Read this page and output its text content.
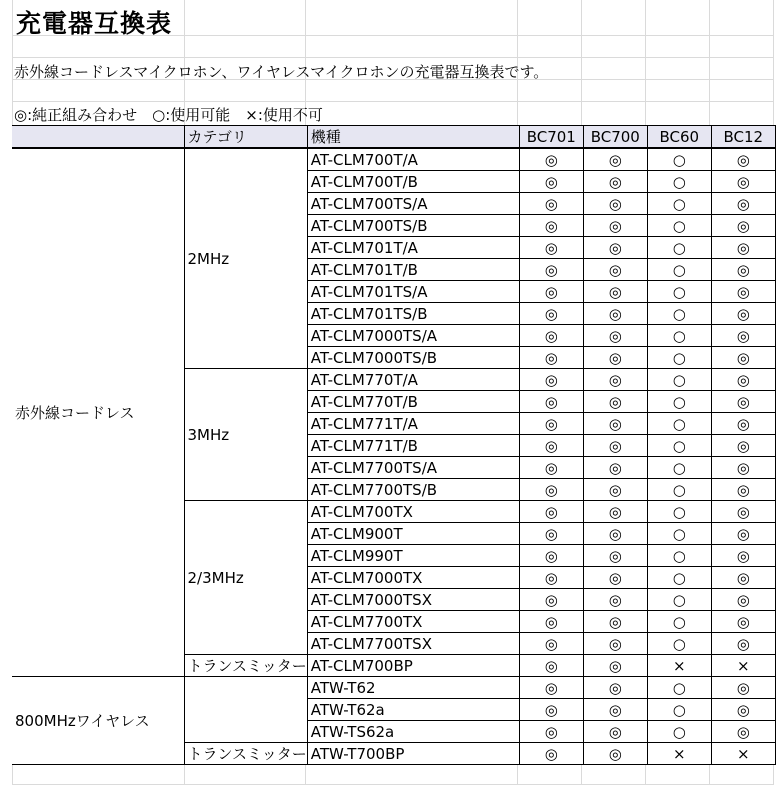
充電器互換表
赤外線コードレスマイクロホン、ワイヤレスマイクロホンの充電器互換表です。
◎:純正組み合わせ　○:使用可能　×:使用不可
	カテゴリ	機種	BC701	BC700	BC60	BC12
赤外線コードレス	2MHz	AT-CLM700T/A	◎	◎	○	◎
		AT-CLM700T/B	◎	◎	○	◎
		AT-CLM700TS/A	◎	◎	○	◎
		AT-CLM700TS/B	◎	◎	○	◎
		AT-CLM701T/A	◎	◎	○	◎
		AT-CLM701T/B	◎	◎	○	◎
		AT-CLM701TS/A	◎	◎	○	◎
		AT-CLM701TS/B	◎	◎	○	◎
		AT-CLM7000TS/A	◎	◎	○	◎
		AT-CLM7000TS/B	◎	◎	○	◎
	3MHz	AT-CLM770T/A	◎	◎	○	◎
		AT-CLM770T/B	◎	◎	○	◎
		AT-CLM771T/A	◎	◎	○	◎
		AT-CLM771T/B	◎	◎	○	◎
		AT-CLM7700TS/A	◎	◎	○	◎
		AT-CLM7700TS/B	◎	◎	○	◎
	2/3MHz	AT-CLM700TX	◎	◎	○	◎
		AT-CLM900T	◎	◎	○	◎
		AT-CLM990T	◎	◎	○	◎
		AT-CLM7000TX	◎	◎	○	◎
		AT-CLM7000TSX	◎	◎	○	◎
		AT-CLM7700TX	◎	◎	○	◎
		AT-CLM7700TSX	◎	◎	○	◎
	トランスミッター	AT-CLM700BP	◎	◎	×	×
800MHzワイヤレス		ATW-T62	◎	◎	○	◎
		ATW-T62a	◎	◎	○	◎
		ATW-TS62a	◎	◎	○	◎
	トランスミッター	ATW-T700BP	◎	◎	×	×
